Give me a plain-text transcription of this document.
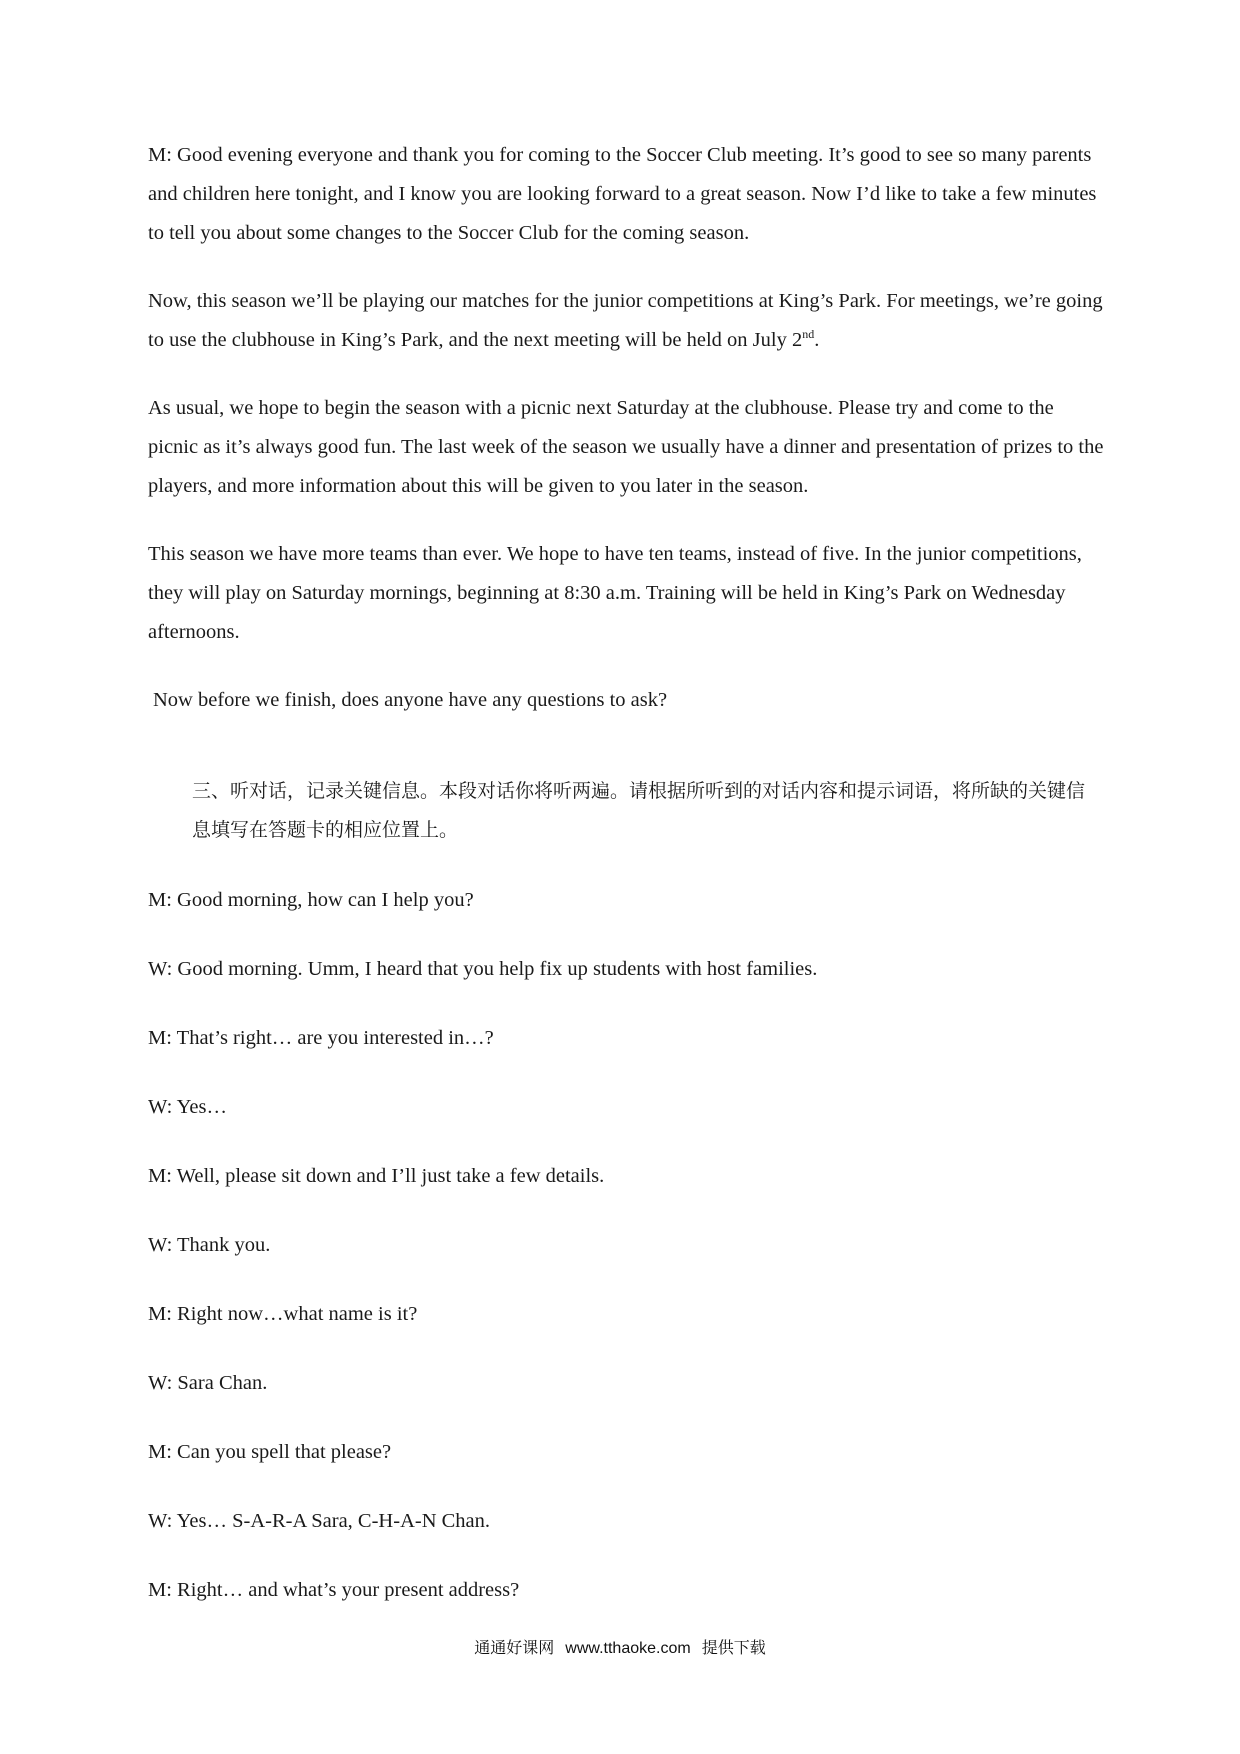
M: Good evening everyone and thank you for coming to the Soccer Club meeting. It’s good to see so many parents and children here tonight, and I know you are looking forward to a great season. Now I’d like to take a few minutes to tell you about some changes to the Soccer Club for the coming season.

Now, this season we’ll be playing our matches for the junior competitions at King’s Park. For meetings, we’re going to use the clubhouse in King’s Park, and the next meeting will be held on July 2nd.

As usual, we hope to begin the season with a picnic next Saturday at the clubhouse. Please try and come to the picnic as it’s always good fun. The last week of the season we usually have a dinner and presentation of prizes to the players, and more information about this will be given to you later in the season.

This season we have more teams than ever. We hope to have ten teams, instead of five. In the junior competitions, they will play on Saturday mornings, beginning at 8:30 a.m. Training will be held in King’s Park on Wednesday afternoons.

Now before we finish, does anyone have any questions to ask?

三、听对话，记录关键信息。本段对话你将听两遍。请根据所听到的对话内容和提示词语，将所缺的关键信息填写在答题卡的相应位置上。

M: Good morning, how can I help you?
W: Good morning. Umm, I heard that you help fix up students with host families.
M: That’s right… are you interested in…?
W: Yes…
M: Well, please sit down and I’ll just take a few details.
W: Thank you.
M: Right now…what name is it?
W: Sara Chan.
M: Can you spell that please?
W: Yes… S-A-R-A Sara, C-H-A-N Chan.
M: Right… and what’s your present address?
通通好课网 www.tthaoke.com 提供下载
